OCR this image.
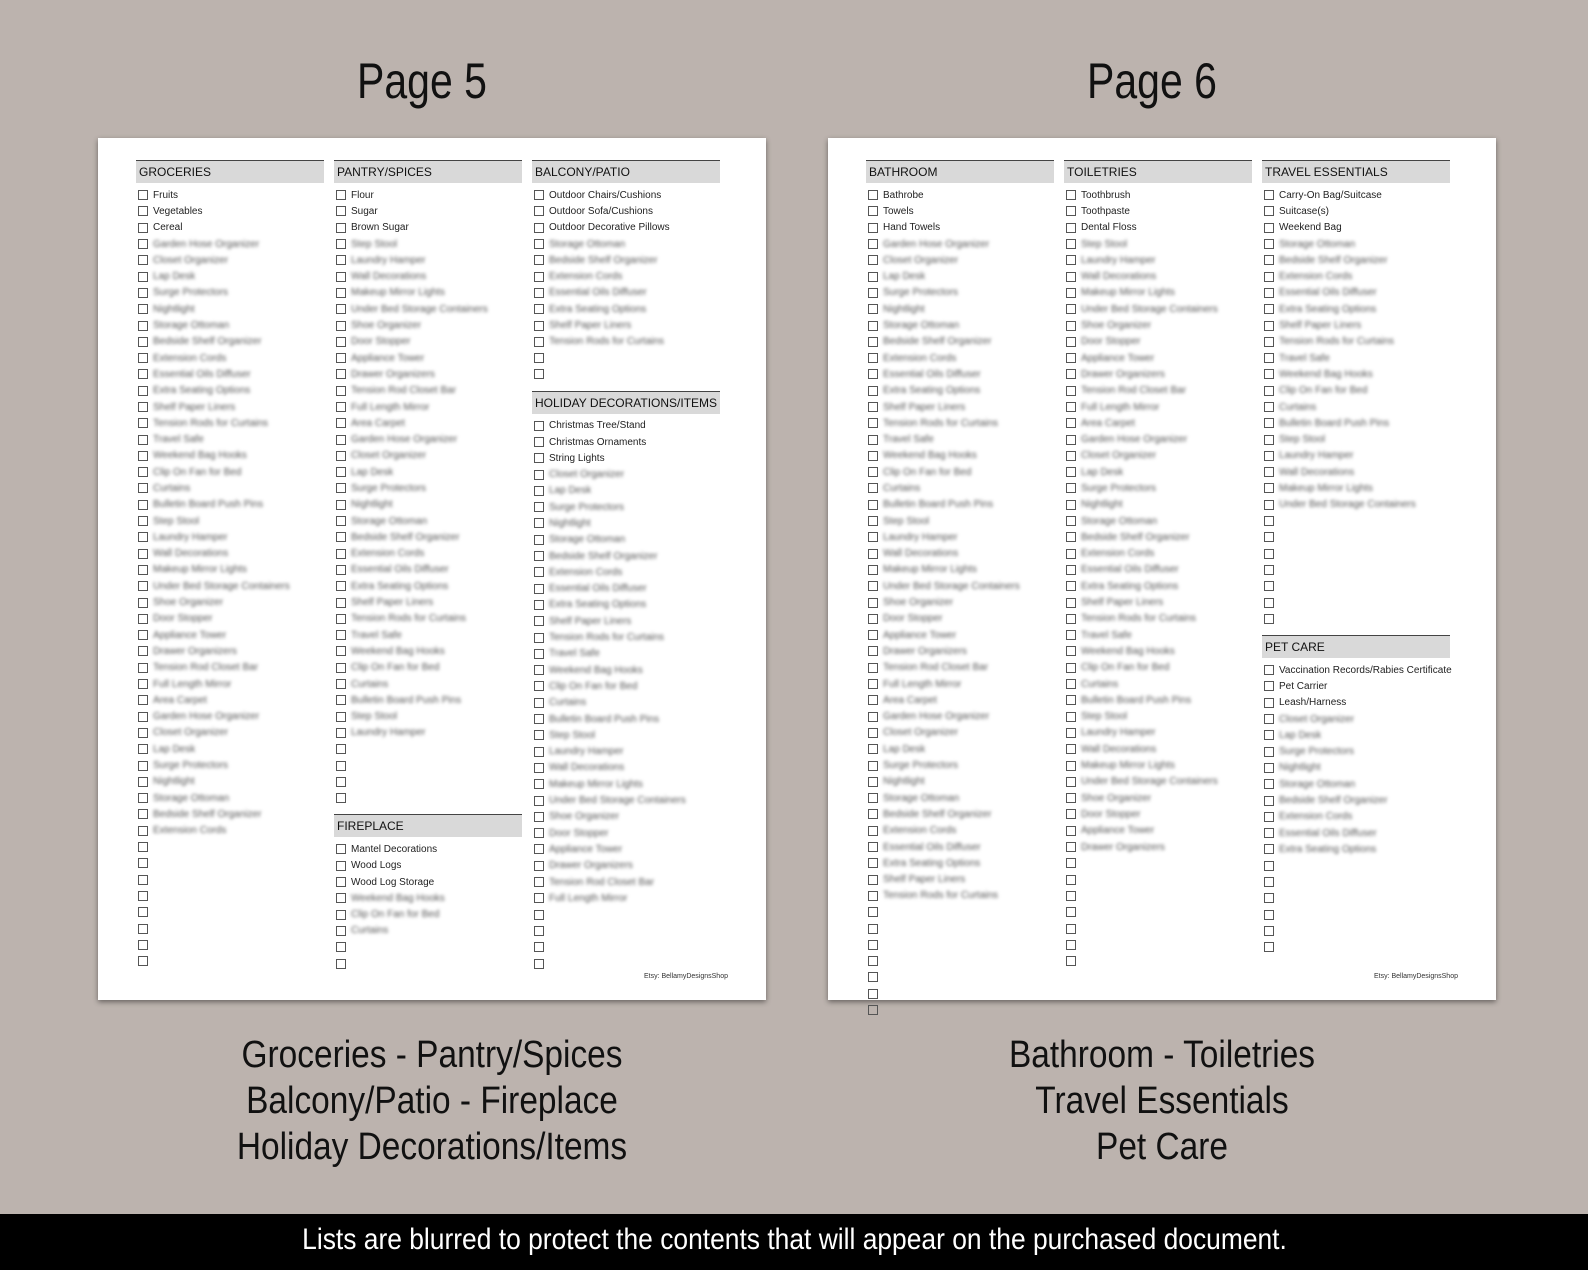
Page 5	Page 6
Etsy: BellamyDesignsShop
GROCERIES
Fruits
Vegetables
Cereal
Garden Hose Organizer
Closet Organizer
Lap Desk
Surge Protectors
Nightlight
Storage Ottoman
Bedside Shelf Organizer
Extension Cords
Essential Oils Diffuser
Extra Seating Options
Shelf Paper Liners
Tension Rods for Curtains
Travel Safe
Weekend Bag Hooks
Clip On Fan for Bed
Curtains
Bulletin Board Push Pins
Step Stool
Laundry Hamper
Wall Decorations
Makeup Mirror Lights
Under Bed Storage Containers
Shoe Organizer
Door Stopper
Appliance Tower
Drawer Organizers
Tension Rod Closet Bar
Full Length Mirror
Area Carpet
Garden Hose Organizer
Closet Organizer
Lap Desk
Surge Protectors
Nightlight
Storage Ottoman
Bedside Shelf Organizer
Extension Cords
PANTRY/SPICES
Flour
Sugar
Brown Sugar
Step Stool
Laundry Hamper
Wall Decorations
Makeup Mirror Lights
Under Bed Storage Containers
Shoe Organizer
Door Stopper
Appliance Tower
Drawer Organizers
Tension Rod Closet Bar
Full Length Mirror
Area Carpet
Garden Hose Organizer
Closet Organizer
Lap Desk
Surge Protectors
Nightlight
Storage Ottoman
Bedside Shelf Organizer
Extension Cords
Essential Oils Diffuser
Extra Seating Options
Shelf Paper Liners
Tension Rods for Curtains
Travel Safe
Weekend Bag Hooks
Clip On Fan for Bed
Curtains
Bulletin Board Push Pins
Step Stool
Laundry Hamper
FIREPLACE
Mantel Decorations
Wood Logs
Wood Log Storage
Weekend Bag Hooks
Clip On Fan for Bed
Curtains
BALCONY/PATIO
Outdoor Chairs/Cushions
Outdoor Sofa/Cushions
Outdoor Decorative Pillows
Storage Ottoman
Bedside Shelf Organizer
Extension Cords
Essential Oils Diffuser
Extra Seating Options
Shelf Paper Liners
Tension Rods for Curtains
HOLIDAY DECORATIONS/ITEMS
Christmas Tree/Stand
Christmas Ornaments
String Lights
Closet Organizer
Lap Desk
Surge Protectors
Nightlight
Storage Ottoman
Bedside Shelf Organizer
Extension Cords
Essential Oils Diffuser
Extra Seating Options
Shelf Paper Liners
Tension Rods for Curtains
Travel Safe
Weekend Bag Hooks
Clip On Fan for Bed
Curtains
Bulletin Board Push Pins
Step Stool
Laundry Hamper
Wall Decorations
Makeup Mirror Lights
Under Bed Storage Containers
Shoe Organizer
Door Stopper
Appliance Tower
Drawer Organizers
Tension Rod Closet Bar
Full Length Mirror
Etsy: BellamyDesignsShop
BATHROOM
Bathrobe
Towels
Hand Towels
Garden Hose Organizer
Closet Organizer
Lap Desk
Surge Protectors
Nightlight
Storage Ottoman
Bedside Shelf Organizer
Extension Cords
Essential Oils Diffuser
Extra Seating Options
Shelf Paper Liners
Tension Rods for Curtains
Travel Safe
Weekend Bag Hooks
Clip On Fan for Bed
Curtains
Bulletin Board Push Pins
Step Stool
Laundry Hamper
Wall Decorations
Makeup Mirror Lights
Under Bed Storage Containers
Shoe Organizer
Door Stopper
Appliance Tower
Drawer Organizers
Tension Rod Closet Bar
Full Length Mirror
Area Carpet
Garden Hose Organizer
Closet Organizer
Lap Desk
Surge Protectors
Nightlight
Storage Ottoman
Bedside Shelf Organizer
Extension Cords
Essential Oils Diffuser
Extra Seating Options
Shelf Paper Liners
Tension Rods for Curtains
TOILETRIES
Toothbrush
Toothpaste
Dental Floss
Step Stool
Laundry Hamper
Wall Decorations
Makeup Mirror Lights
Under Bed Storage Containers
Shoe Organizer
Door Stopper
Appliance Tower
Drawer Organizers
Tension Rod Closet Bar
Full Length Mirror
Area Carpet
Garden Hose Organizer
Closet Organizer
Lap Desk
Surge Protectors
Nightlight
Storage Ottoman
Bedside Shelf Organizer
Extension Cords
Essential Oils Diffuser
Extra Seating Options
Shelf Paper Liners
Tension Rods for Curtains
Travel Safe
Weekend Bag Hooks
Clip On Fan for Bed
Curtains
Bulletin Board Push Pins
Step Stool
Laundry Hamper
Wall Decorations
Makeup Mirror Lights
Under Bed Storage Containers
Shoe Organizer
Door Stopper
Appliance Tower
Drawer Organizers
TRAVEL ESSENTIALS
Carry-On Bag/Suitcase
Suitcase(s)
Weekend Bag
Storage Ottoman
Bedside Shelf Organizer
Extension Cords
Essential Oils Diffuser
Extra Seating Options
Shelf Paper Liners
Tension Rods for Curtains
Travel Safe
Weekend Bag Hooks
Clip On Fan for Bed
Curtains
Bulletin Board Push Pins
Step Stool
Laundry Hamper
Wall Decorations
Makeup Mirror Lights
Under Bed Storage Containers
PET CARE
Vaccination Records/Rabies Certificate
Pet Carrier
Leash/Harness
Closet Organizer
Lap Desk
Surge Protectors
Nightlight
Storage Ottoman
Bedside Shelf Organizer
Extension Cords
Essential Oils Diffuser
Extra Seating Options
Groceries - Pantry/Spices
Balcony/Patio - Fireplace
Holiday Decorations/Items
Bathroom - Toiletries
Travel Essentials
Pet Care
Lists are blurred to protect the contents that will appear on the purchased document.
